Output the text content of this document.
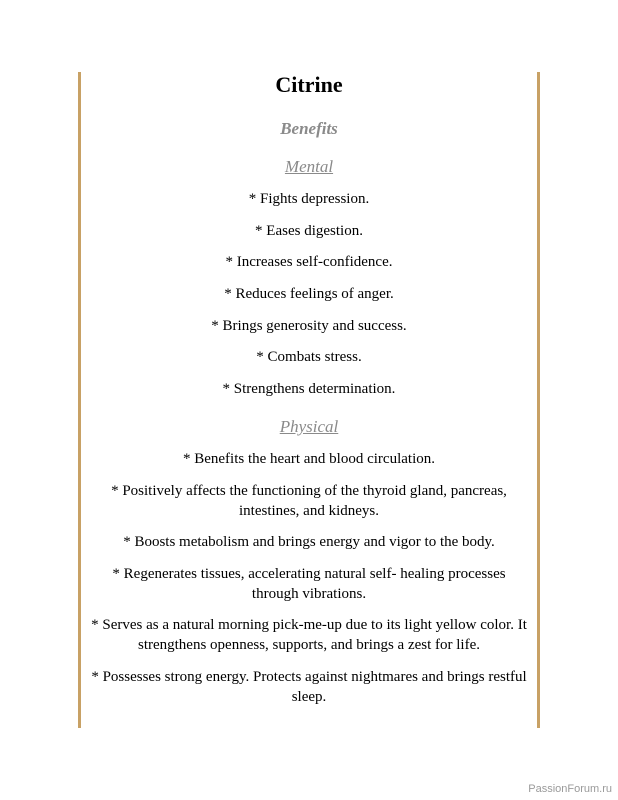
Citrine
Benefits
Mental
* Fights depression.
* Eases digestion.
* Increases self-confidence.
* Reduces feelings of anger.
* Brings generosity and success.
* Combats stress.
* Strengthens determination.
Physical
* Benefits the heart and blood circulation.
* Positively affects the functioning of the thyroid gland, pancreas, intestines, and kidneys.
* Boosts metabolism and brings energy and vigor to the body.
* Regenerates tissues, accelerating natural self- healing processes through vibrations.
* Serves as a natural morning pick-me-up due to its light yellow color. It strengthens openness, supports, and brings a zest for life.
* Possesses strong energy. Protects against nightmares and brings restful sleep.
PassionForum.ru
